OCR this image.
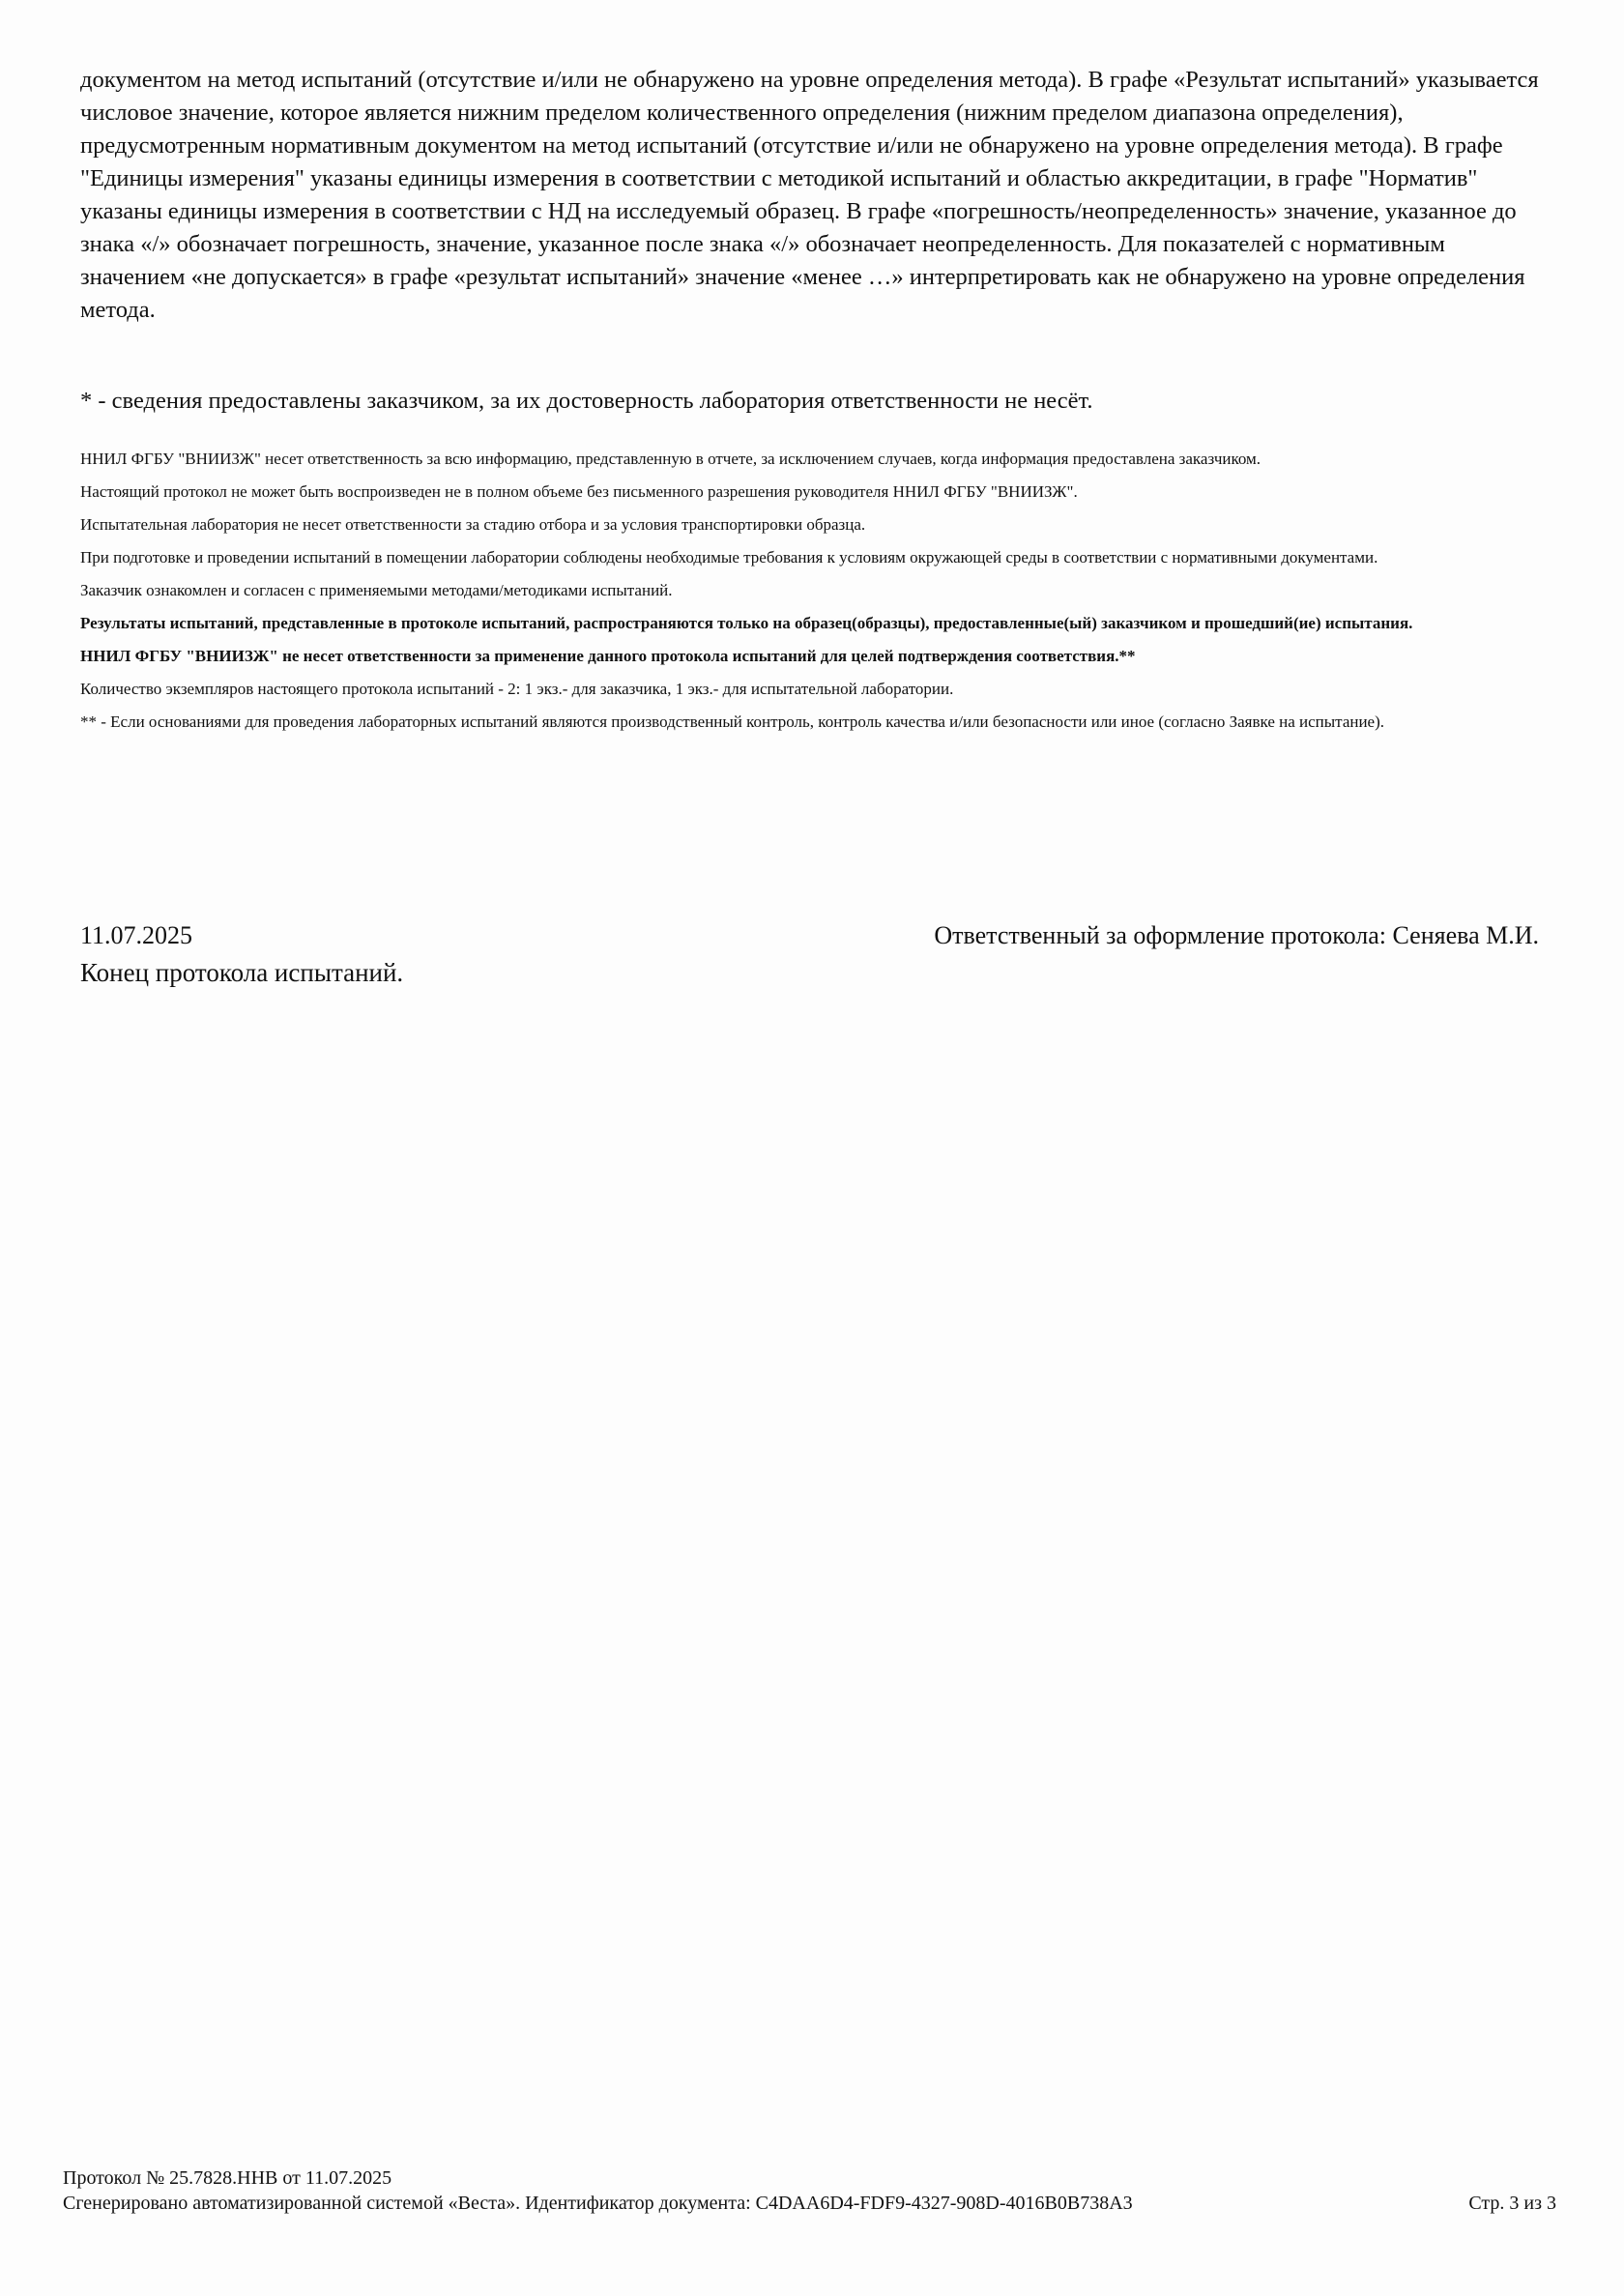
документом на метод испытаний (отсутствие и/или не обнаружено на уровне определения метода). В графе «Результат испытаний» указывается числовое значение, которое является нижним пределом количественного определения (нижним пределом диапазона определения), предусмотренным нормативным документом на метод испытаний (отсутствие и/или не обнаружено на уровне определения метода). В графе "Единицы измерения" указаны единицы измерения в соответствии с методикой испытаний и областью аккредитации, в графе "Норматив" указаны единицы измерения в соответствии с НД на исследуемый образец. В графе «погрешность/неопределенность» значение, указанное до знака «/» обозначает погрешность, значение, указанное после знака «/» обозначает неопределенность. Для показателей с нормативным значением «не допускается» в графе «результат испытаний» значение «менее …» интерпретировать как не обнаружено на уровне определения метода.

* - сведения предоставлены заказчиком, за их достоверность лаборатория ответственности не несёт.

ННИЛ ФГБУ "ВНИИЗЖ" несет ответственность за всю информацию, представленную в отчете, за исключением случаев, когда информация предоставлена заказчиком.

Настоящий протокол не может быть воспроизведен не в полном объеме без письменного разрешения руководителя ННИЛ ФГБУ "ВНИИЗЖ".

Испытательная лаборатория не несет ответственности за стадию отбора и за условия транспортировки образца.

При подготовке и проведении испытаний в помещении лаборатории соблюдены необходимые требования к условиям окружающей среды в соответствии с нормативными документами.

Заказчик ознакомлен и согласен с применяемыми методами/методиками испытаний.

Результаты испытаний, представленные в протоколе испытаний, распространяются только на образец(образцы), предоставленные(ый) заказчиком и прошедший(ие) испытания.

ННИЛ ФГБУ "ВНИИЗЖ" не несет ответственности за применение данного протокола испытаний для целей подтверждения соответствия.**

Количество экземпляров настоящего протокола испытаний - 2: 1 экз.- для заказчика, 1 экз.- для испытательной лаборатории.

** - Если основаниями для проведения лабораторных испытаний являются производственный контроль, контроль качества и/или безопасности или иное (согласно Заявке на испытание).

11.07.2025	Ответственный за оформление протокола: Сеняева М.И.
Конец протокола испытаний.
Протокол № 25.7828.ННВ от 11.07.2025
Сгенерировано автоматизированной системой «Веста». Идентификатор документа: C4DAA6D4-FDF9-4327-908D-4016B0B738A3	Стр. 3 из 3
